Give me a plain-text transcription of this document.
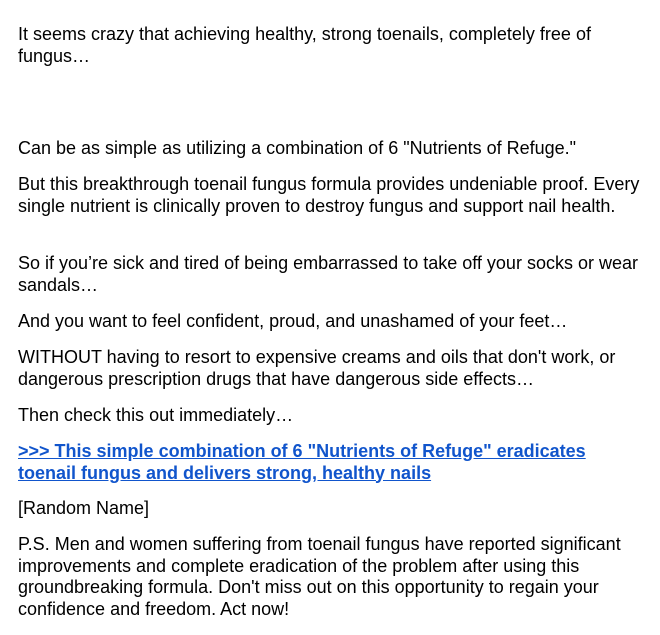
It seems crazy that achieving healthy, strong toenails, completely free of fungus…

Can be as simple as utilizing a combination of 6 "Nutrients of Refuge."

But this breakthrough toenail fungus formula provides undeniable proof. Every single nutrient is clinically proven to destroy fungus and support nail health.

So if you’re sick and tired of being embarrassed to take off your socks or wear sandals…

And you want to feel confident, proud, and unashamed of your feet…

WITHOUT having to resort to expensive creams and oils that don't work, or dangerous prescription drugs that have dangerous side effects…

Then check this out immediately…

>>> This simple combination of 6 "Nutrients of Refuge" eradicates toenail fungus and delivers strong, healthy nails

[Random Name]

P.S. Men and women suffering from toenail fungus have reported significant improvements and complete eradication of the problem after using this groundbreaking formula. Don't miss out on this opportunity to regain your confidence and freedom. Act now!
